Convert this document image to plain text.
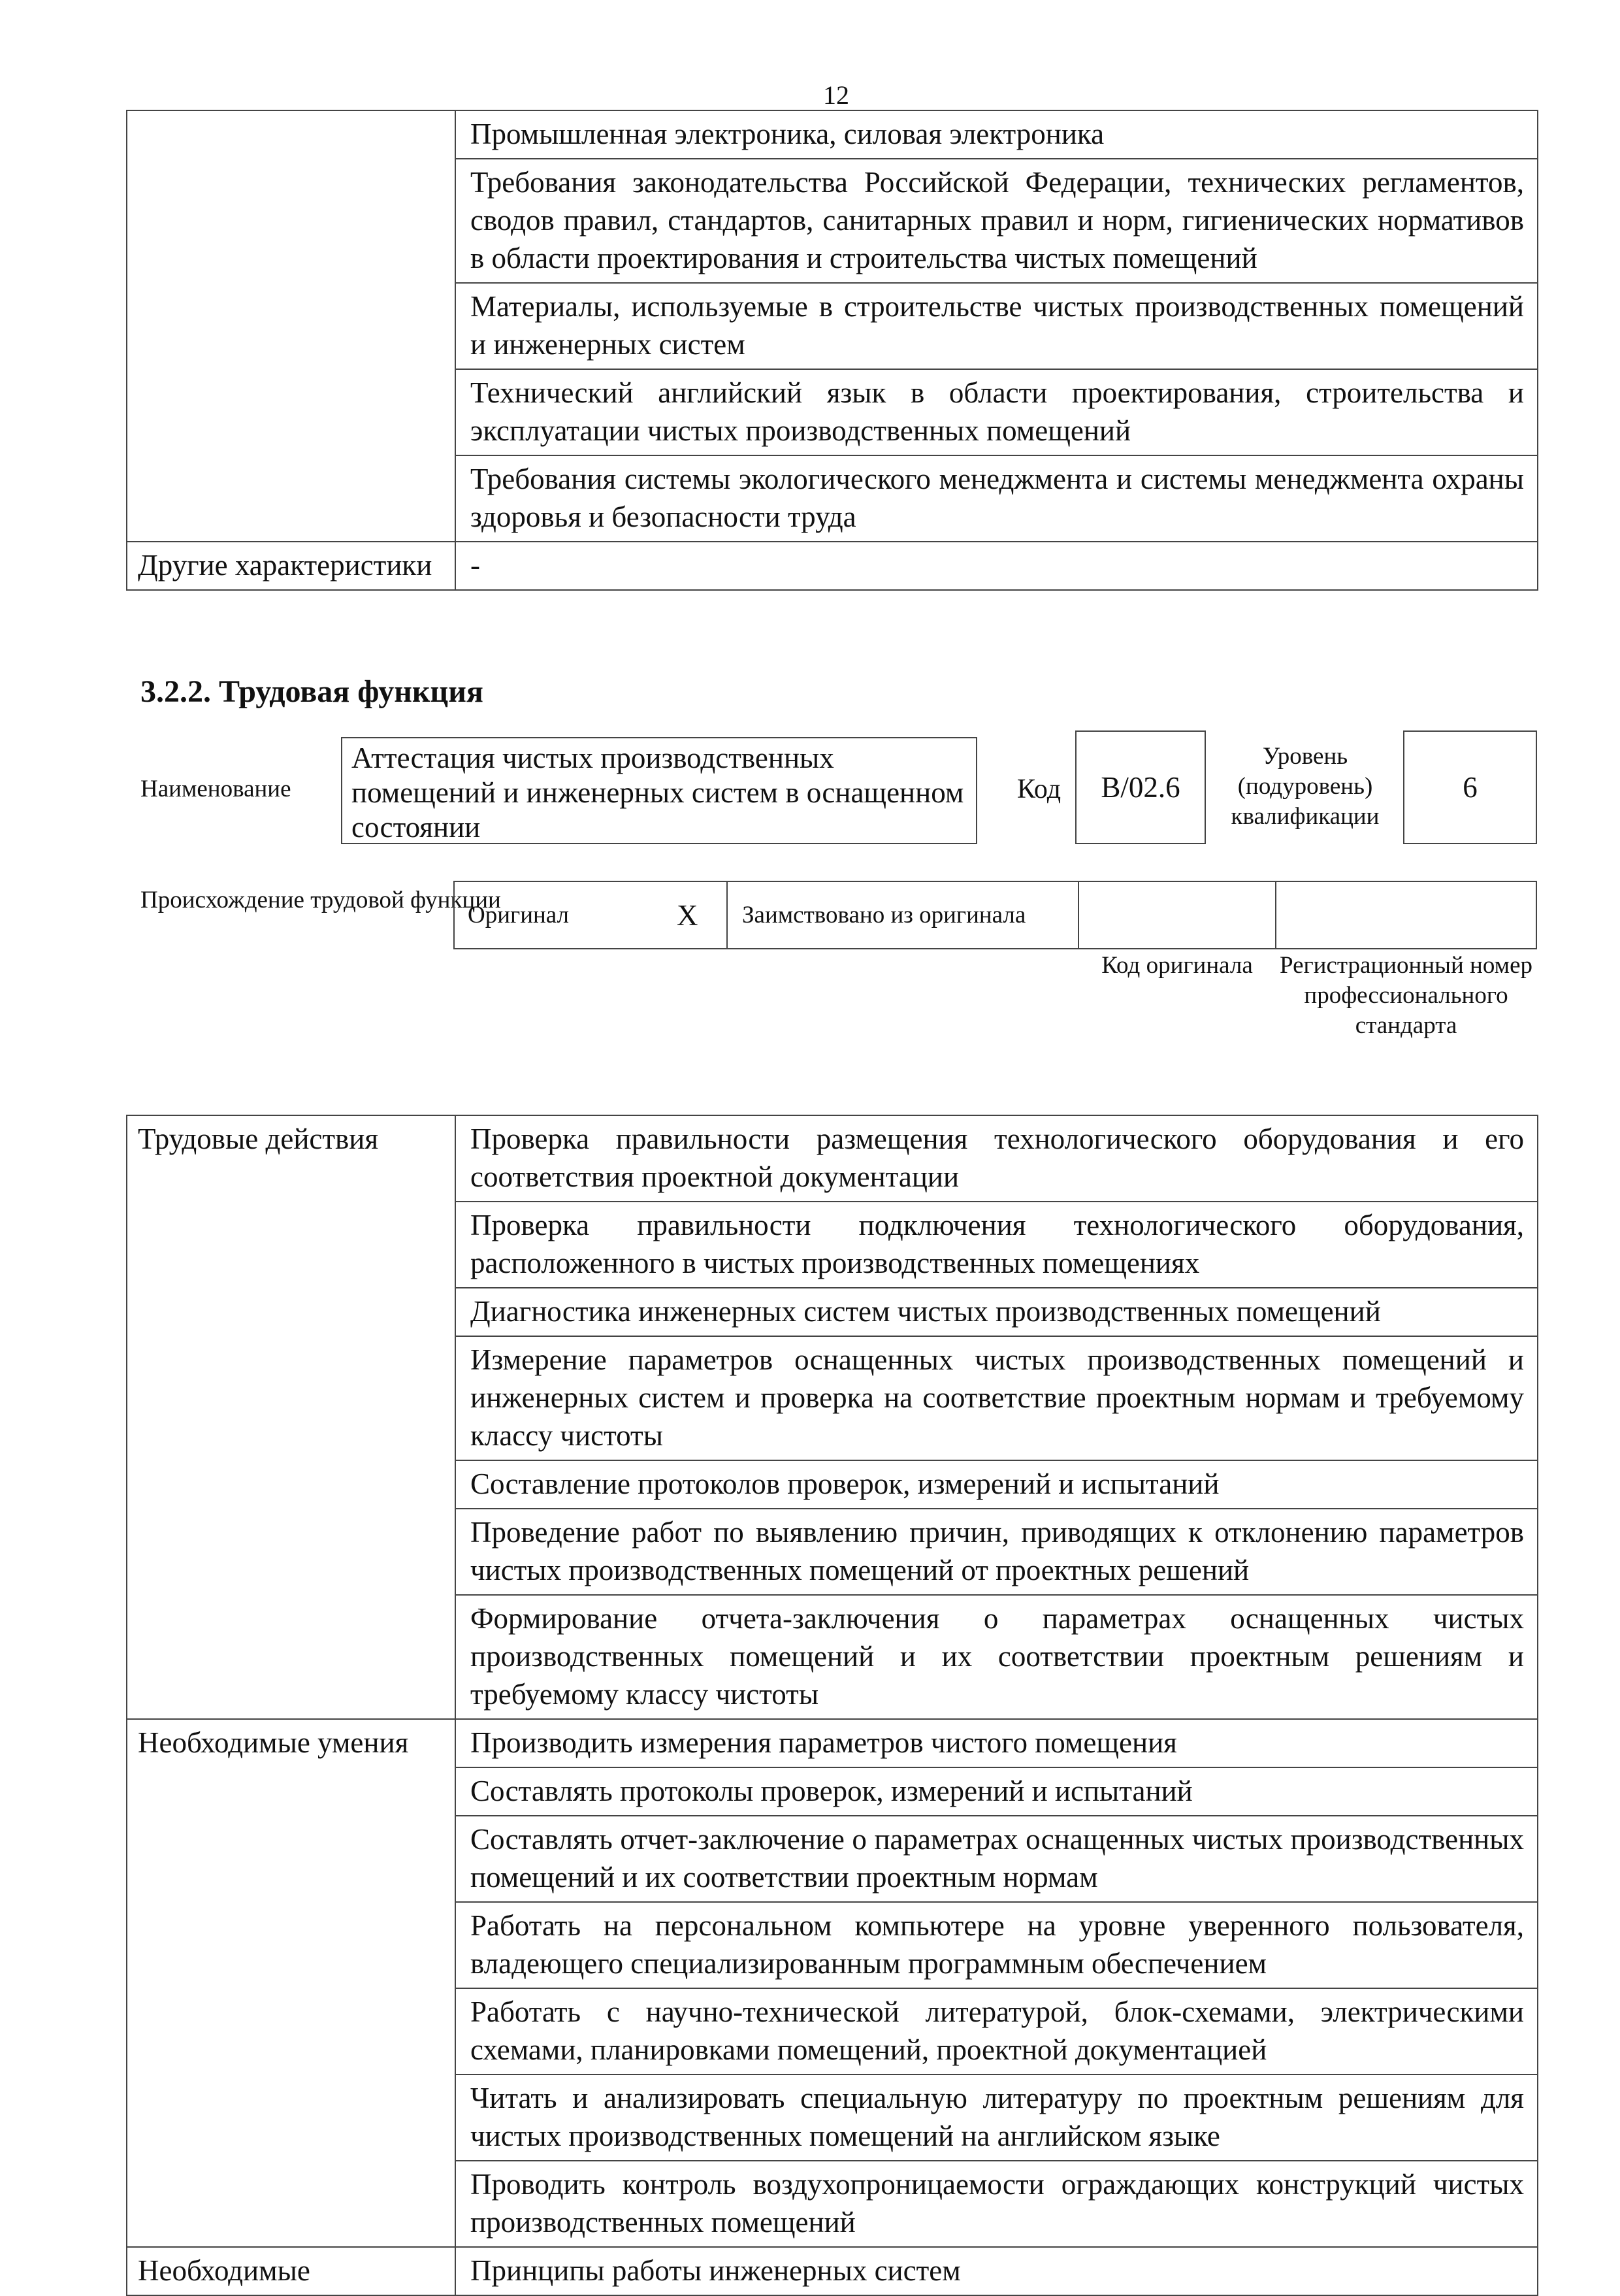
12
	Промышленная электроника, силовая электроника
	Требования законодательства Российской Федерации, технических регламентов, сводов правил, стандартов, санитарных правил и норм, гигиенических нормативов в области проектирования и строительства чистых помещений
	Материалы, используемые в строительстве чистых производственных помещений и инженерных систем
	Технический английский язык в области проектирования, строительства и эксплуатации чистых производственных помещений
	Требования системы экологического менеджмента и системы менеджмента охраны здоровья и безопасности труда
Другие характеристики	-
3.2.2. Трудовая функция
Наименование
Аттестация чистых производственных помещений и инженерных систем в оснащенном состоянии
Код B/02.6
Уровень (подуровень) квалификации
6
Происхождение трудовой функции
Оригинал	X Заимствовано из оригинала
Код оригинала	Регистрационный номер профессионального стандарта
Трудовые действия	Проверка правильности размещения технологического оборудования и его соответствия проектной документации
	Проверка правильности подключения технологического оборудования, расположенного в чистых производственных помещениях
	Диагностика инженерных систем чистых производственных помещений
	Измерение параметров оснащенных чистых производственных помещений и инженерных систем и проверка на соответствие проектным нормам и требуемому классу чистоты
	Составление протоколов проверок, измерений и испытаний
	Проведение работ по выявлению причин, приводящих к отклонению параметров чистых производственных помещений от проектных решений
	Формирование отчета-заключения о параметрах оснащенных чистых производственных помещений и их соответствии проектным решениям и требуемому классу чистоты
Необходимые умения	Производить измерения параметров чистого помещения
	Составлять протоколы проверок, измерений и испытаний
	Составлять отчет-заключение о параметрах оснащенных чистых производственных помещений и их соответствии проектным нормам
	Работать на персональном компьютере на уровне уверенного пользователя, владеющего специализированным программным обеспечением
	Работать с научно-технической литературой, блок-схемами, электрическими схемами, планировками помещений, проектной документацией
	Читать и анализировать специальную литературу по проектным решениям для чистых производственных помещений на английском языке
	Проводить контроль воздухопроницаемости ограждающих конструкций чистых производственных помещений
Необходимые	Принципы работы инженерных систем
